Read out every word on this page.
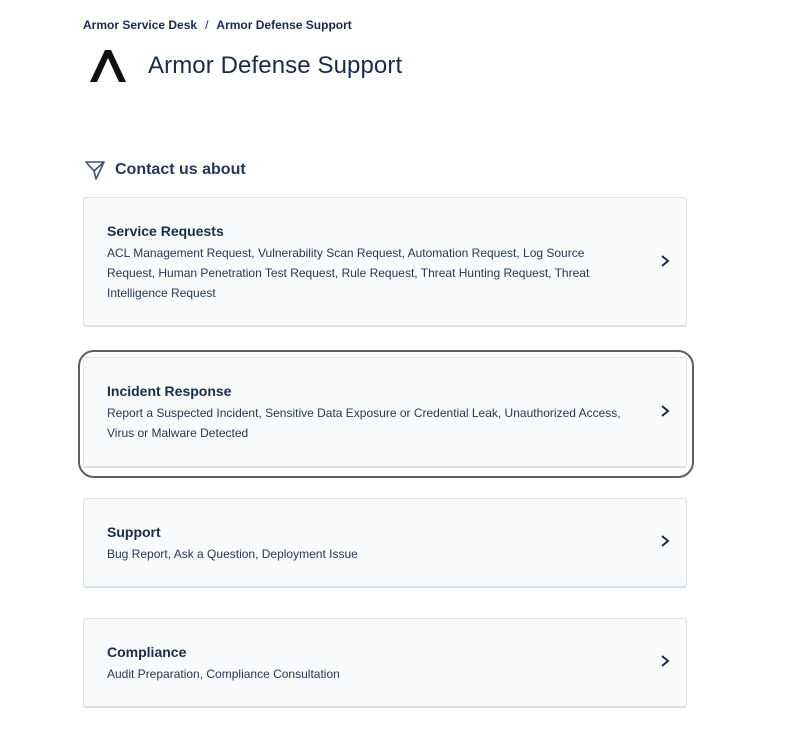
Armor Service Desk / Armor Defense Support
Armor Defense Support
Contact us about
Service Requests
ACL Management Request, Vulnerability Scan Request, Automation Request, Log Source Request, Human Penetration Test Request, Rule Request, Threat Hunting Request, Threat Intelligence Request
Incident Response
Report a Suspected Incident, Sensitive Data Exposure or Credential Leak, Unauthorized Access, Virus or Malware Detected
Support
Bug Report, Ask a Question, Deployment Issue
Compliance
Audit Preparation, Compliance Consultation
